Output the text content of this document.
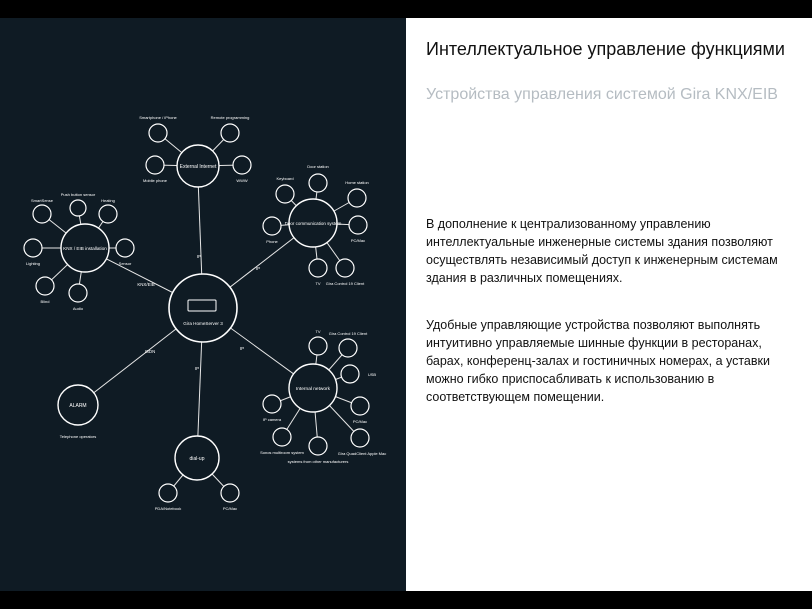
Gira HomeServer 3
External Internet
KNX / EIB installation
Door communication system
Internal network
ALARM
dial-up
IP
KNX/EIB
IP
IP
IP
ISDN
Smartphone / iPhone	Remote programming
Mobile phone	WWW
Push button sensor
SmartSense	Heating
Lighting	Sensor
Blind
Audio
Keyboard
Door station
Home station
Phone	PC/Mac
TV Gira Control 19 Client
TV Gira Control 19 Client
USB
IP camera	PC/Mac
Sonos multiroom system
systems from other manufacturers
Gira QuadClient Apple Mac
Telephone operators
PDA/Notebook	PC/Mac
Интеллектуальное управление функциями
Устройства управления системой Gira KNX/EIB
В дополнение к централизованному управлению интеллектуальные инженерные системы здания позволяют осуществлять независимый доступ к инженерным системам здания в различных помещениях.
Удобные управляющие устройства позволяют выполнять интуитивно управляемые шинные функции в ресторанах, барах, конференц-залах и гостиничных номерах, а уставки можно гибко приспосабливать к использованию в соответствующем помещении.
